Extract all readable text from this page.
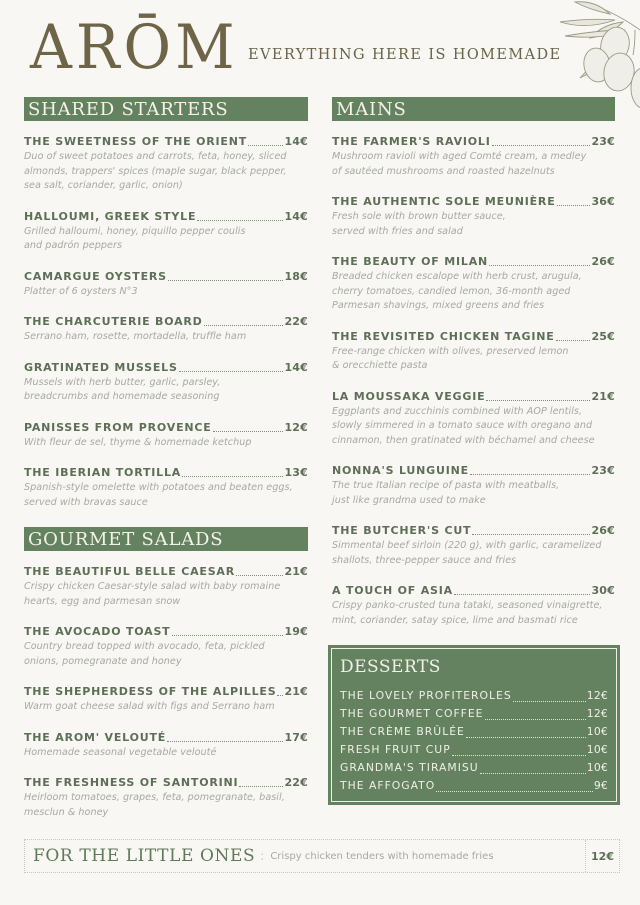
ARŌM EVERYTHING HERE IS HOMEMADE
SHARED STARTERS
THE SWEETNESS OF THE ORIENT	14€
Duo of sweet potatoes and carrots, feta, honey, sliced
almonds, trappers' spices (maple sugar, black pepper,
sea salt, coriander, garlic, onion)
HALLOUMI, GREEK STYLE	14€
Grilled halloumi, honey, piquillo pepper coulis
and padrón peppers
CAMARGUE OYSTERS	18€
Platter of 6 oysters N°3
THE CHARCUTERIE BOARD	22€
Serrano ham, rosette, mortadella, truffle ham
GRATINATED MUSSELS	14€
Mussels with herb butter, garlic, parsley,
breadcrumbs and homemade seasoning
PANISSES FROM PROVENCE	12€
With fleur de sel, thyme & homemade ketchup
THE IBERIAN TORTILLA	13€
Spanish-style omelette with potatoes and beaten eggs,
served with bravas sauce
GOURMET SALADS
THE BEAUTIFUL BELLE CAESAR	21€
Crispy chicken Caesar-style salad with baby romaine
hearts, egg and parmesan snow
THE AVOCADO TOAST	19€
Country bread topped with avocado, feta, pickled
onions, pomegranate and honey
THE SHEPHERDESS OF THE ALPILLES 21€
Warm goat cheese salad with figs and Serrano ham
THE AROM' VELOUTÉ	17€
Homemade seasonal vegetable velouté
THE FRESHNESS OF SANTORINI	22€
Heirloom tomatoes, grapes, feta, pomegranate, basil,
mesclun & honey
MAINS
THE FARMER'S RAVIOLI	23€
Mushroom ravioli with aged Comté cream, a medley
of sautéed mushrooms and roasted hazelnuts
THE AUTHENTIC SOLE MEUNIÈRE	36€
Fresh sole with brown butter sauce,
served with fries and salad
THE BEAUTY OF MILAN	26€
Breaded chicken escalope with herb crust, arugula,
cherry tomatoes, candied lemon, 36-month aged
Parmesan shavings, mixed greens and fries
THE REVISITED CHICKEN TAGINE	25€
Free-range chicken with olives, preserved lemon
& orecchiette pasta
LA MOUSSAKA VEGGIE	21€
Eggplants and zucchinis combined with AOP lentils,
slowly simmered in a tomato sauce with oregano and
cinnamon, then gratinated with béchamel and cheese
NONNA'S LUNGUINE	23€
The true Italian recipe of pasta with meatballs,
just like grandma used to make
THE BUTCHER'S CUT	26€
Simmental beef sirloin (220 g), with garlic, caramelized
shallots, three-pepper sauce and fries
A TOUCH OF ASIA	30€
Crispy panko-crusted tuna tataki, seasoned vinaigrette,
mint, coriander, satay spice, lime and basmati rice
DESSERTS
THE LOVELY PROFITEROLES	12€
THE GOURMET COFFEE	12€
THE CRÈME BRÛLÉE	10€
FRESH FRUIT CUP	10€
GRANDMA'S TIRAMISU	10€
THE AFFOGATO	9€
FOR THE LITTLE ONES : Crispy chicken tenders with homemade fries	12€
